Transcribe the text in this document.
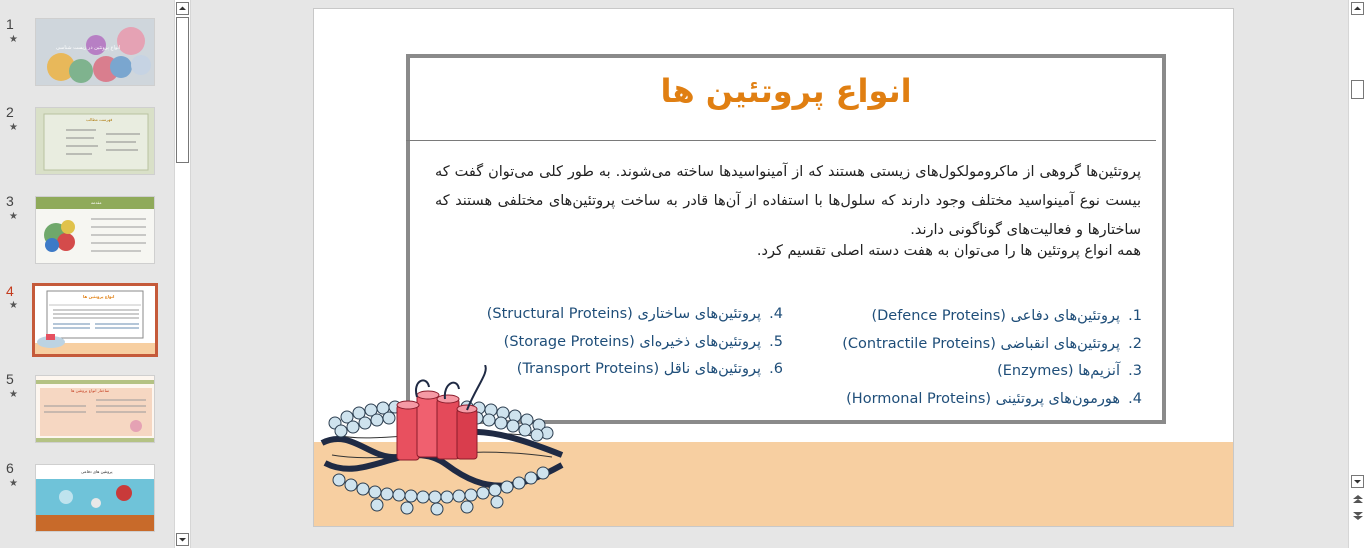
1
★
انواع پروتئین در زیست شناسی
2
★
فهرست مطالب
3
★
مقدمه
4
★
انواع پروتئین ها
5
★	ساختار انواع پروتئین ها
6
★
پروتئین های دفاعی
انواع پروتئین ها
پروتئین‌ها گروهی از ماکرومولکول‌های زیستی هستند که از آمینواسیدها ساخته می‌شوند. به طور کلی می‌توان گفت که بیست نوع آمینواسید مختلف وجود دارند که سلول‌ها با استفاده از آن‌ها قادر به ساخت پروتئین‌های مختلفی هستند که ساختارها و فعالیت‌های گوناگونی دارند.
همه انواع پروتئین ها را می‌توان به هفت دسته اصلی تقسیم کرد.
1.پروتئین‌های دفاعی (Defence Proteins)
2.پروتئین‌های انقباضی (Contractile Proteins)
3.آنزیم‌ها (Enzymes)
4.هورمون‌های پروتئینی (Hormonal Proteins)
4.پروتئین‌های ساختاری (Structural Proteins)
5.پروتئین‌های ذخیره‌ای (Storage Proteins)
6.پروتئین‌های ناقل (Transport Proteins)
